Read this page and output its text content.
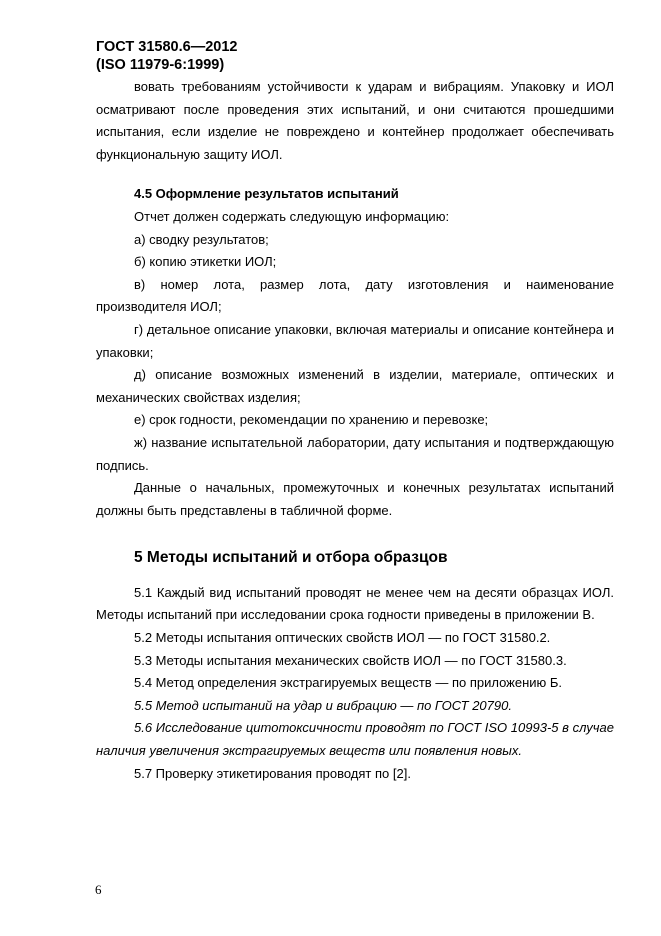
ГОСТ 31580.6—2012
(ISO 11979-6:1999)

вовать требованиям устойчивости к ударам и вибрациям. Упаковку и ИОЛ осматривают после проведения этих испытаний, и они считаются прошедшими испытания, если изделие не повреждено и контейнер продолжает обеспечивать функциональную защиту ИОЛ.

4.5 Оформление результатов испытаний

Отчет должен содержать следующую информацию:

а) сводку результатов;

б) копию этикетки ИОЛ;

в) номер лота, размер лота, дату изготовления и наименование производителя ИОЛ;

г) детальное описание упаковки, включая материалы и описание контейнера и упаковки;

д) описание возможных изменений в изделии, материале, оптических и механических свойствах изделия;

е) срок годности, рекомендации по хранению и перевозке;

ж) название испытательной лаборатории, дату испытания и подтверждающую подпись.

Данные о начальных, промежуточных и конечных результатах испытаний должны быть представлены в табличной форме.

5 Методы испытаний и отбора образцов

5.1 Каждый вид испытаний проводят не менее чем на десяти образцах ИОЛ. Методы испытаний при исследовании срока годности приведены в приложении В.

5.2 Методы испытания оптических свойств ИОЛ — по ГОСТ 31580.2.

5.3 Методы испытания механических свойств ИОЛ — по ГОСТ 31580.3.

5.4 Метод определения экстрагируемых веществ — по приложению Б.

5.5 Метод испытаний на удар и вибрацию — по ГОСТ 20790.

5.6 Исследование цитотоксичности проводят по ГОСТ ISO 10993-5 в случае наличия увеличения экстрагируемых веществ или появления новых.

5.7 Проверку этикетирования проводят по [2].

6
